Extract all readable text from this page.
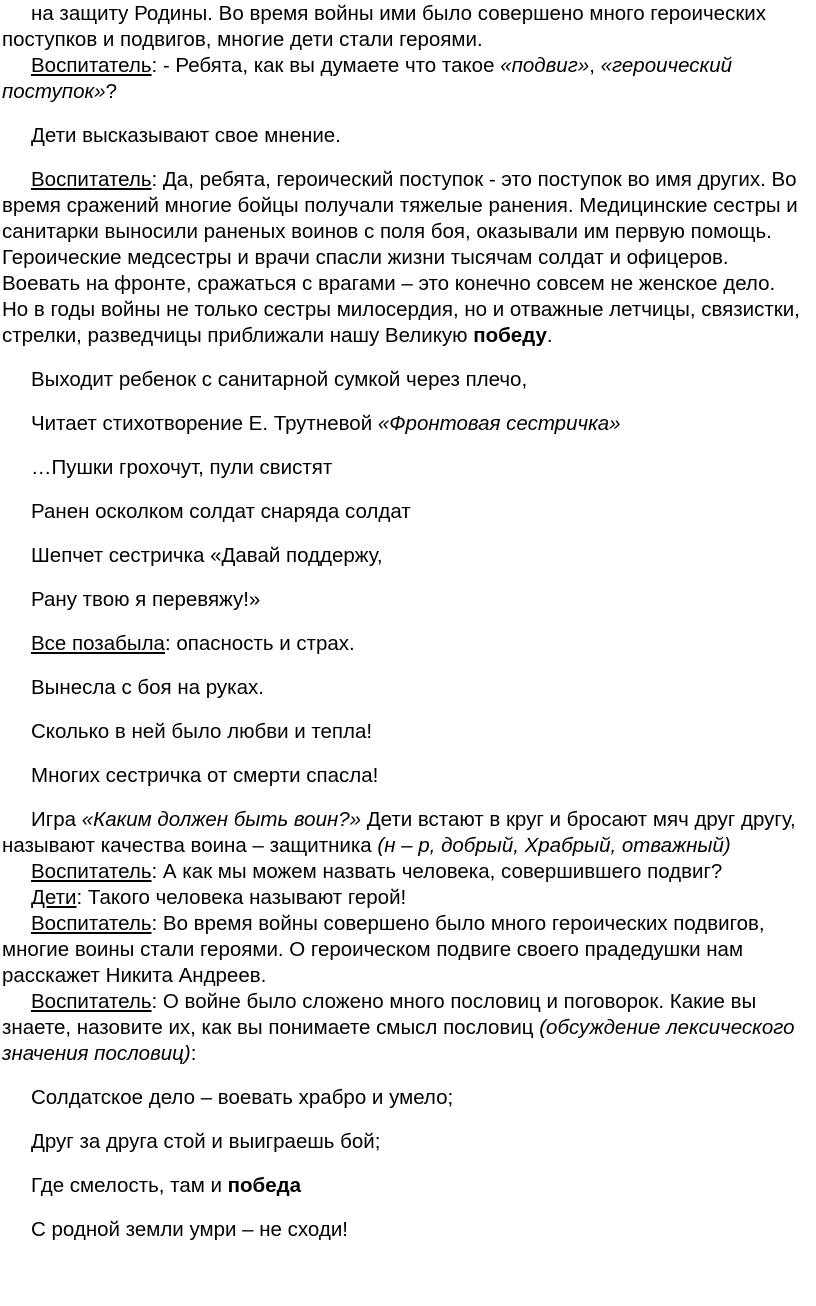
на защиту Родины. Во время войны ими было совершено много героических поступков и подвигов, многие дети стали героями.

Воспитатель: - Ребята, как вы думаете что такое «подвиг», «героический поступок»?

Дети высказывают свое мнение.

Воспитатель: Да, ребята, героический поступок - это поступок во имя других. Во время сражений многие бойцы получали тяжелые ранения. Медицинские сестры и санитарки выносили раненых воинов с поля боя, оказывали им первую помощь. Героические медсестры и врачи спасли жизни тысячам солдат и офицеров. Воевать на фронте, сражаться с врагами – это конечно совсем не женское дело. Но в годы войны не только сестры милосердия, но и отважные летчицы, связистки, стрелки, разведчицы приближали нашу Великую победу.

Выходит ребенок с санитарной сумкой через плечо,

Читает стихотворение Е. Трутневой «Фронтовая сестричка»

…Пушки грохочут, пули свистят

Ранен осколком солдат снаряда солдат

Шепчет сестричка «Давай поддержу,

Рану твою я перевяжу!»

Все позабыла: опасность и страх.

Вынесла с боя на руках.

Сколько в ней было любви и тепла!

Многих сестричка от смерти спасла!

Игра «Каким должен быть воин?» Дети встают в круг и бросают мяч друг другу, называют качества воина – защитника (н – р, добрый, Храбрый, отважный)

Воспитатель: А как мы можем назвать человека, совершившего подвиг?

Дети: Такого человека называют герой!

Воспитатель: Во время войны совершено было много героических подвигов, многие воины стали героями. О героическом подвиге своего прадедушки нам расскажет Никита Андреев.

Воспитатель: О войне было сложено много пословиц и поговорок. Какие вы знаете, назовите их, как вы понимаете смысл пословиц (обсуждение лексического значения пословиц):

Солдатское дело – воевать храбро и умело;

Друг за друга стой и выиграешь бой;

Где смелость, там и победа

С родной земли умри – не сходи!
